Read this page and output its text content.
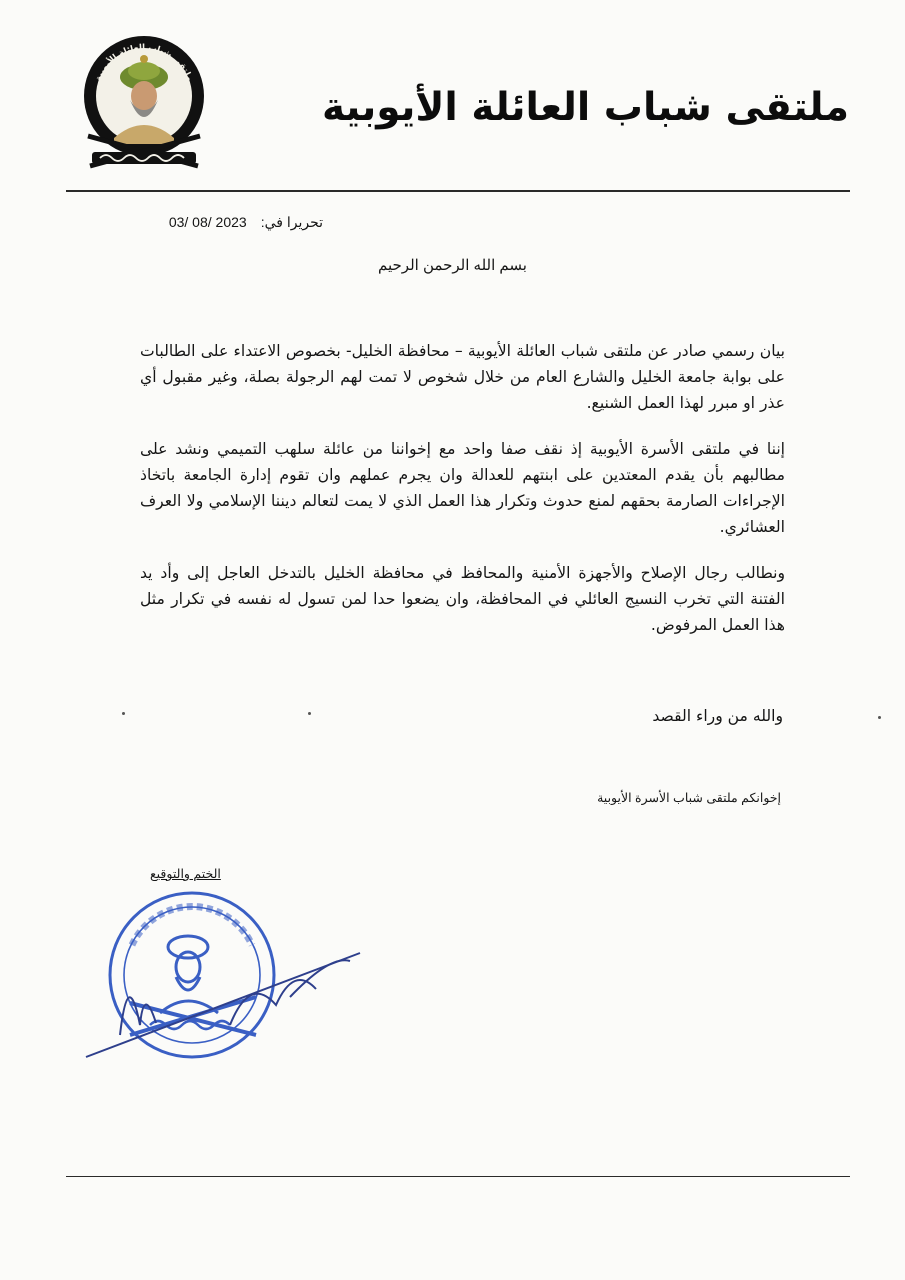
ملتقى شباب العائلة الأيوبية
ملتقى شباب العائلة الأيوبية
تحريرا في:03/ 08/ 2023
بسم الله الرحمن الرحيم

بيان رسمي صادر عن ملتقى شباب العائلة الأيوبية – محافظة الخليل- بخصوص الاعتداء على الطالبات على بوابة جامعة الخليل والشارع العام من خلال شخوص لا تمت لهم الرجولة بصلة، وغير مقبول أي عذر او مبرر لهذا العمل الشنيع.

إننا في ملتقى الأسرة الأيوبية إذ نقف صفا واحد مع إخواننا من عائلة سلهب التميمي ونشد على مطالبهم بأن يقدم المعتدين على ابنتهم للعدالة وان يجرم عملهم وان تقوم إدارة الجامعة باتخاذ الإجراءات الصارمة بحقهم لمنع حدوث وتكرار هذا العمل الذي لا يمت لتعالم ديننا الإسلامي ولا العرف العشائري.

ونطالب رجال الإصلاح والأجهزة الأمنية والمحافظ في محافظة الخليل بالتدخل العاجل إلى وأد يد الفتنة التي تخرب النسيج العائلي في المحافظة، وان يضعوا حدا لمن تسول له نفسه في تكرار مثل هذا العمل المرفوض.

والله من وراء القصد
إخوانكم ملتقى شباب الأسرة الأيوبية
الختم والتوقيع
